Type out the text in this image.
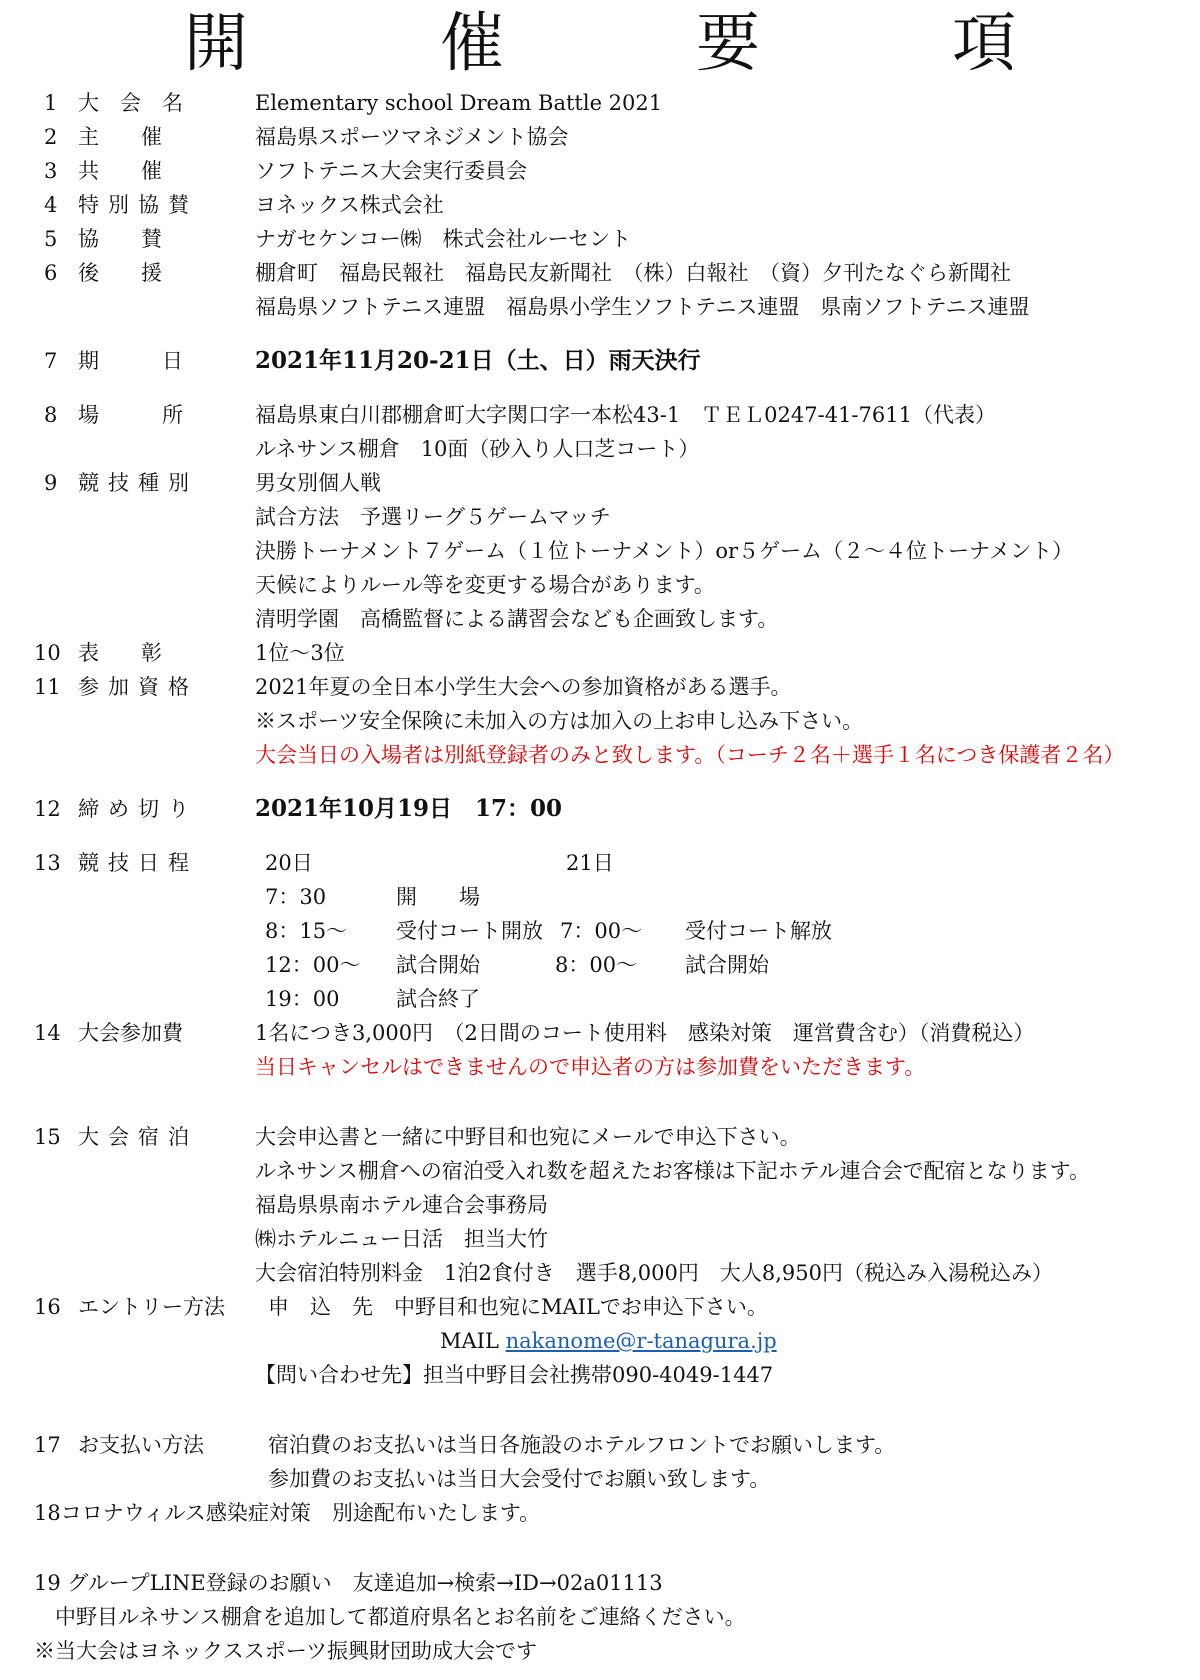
開　催　要　項
1 大　会　名	Elementary school Dream Battle 2021
2 主　　催	福島県スポーツマネジメント協会
3 共　　催	ソフトテニス大会実行委員会
4 特別協賛	ヨネックス株式会社
5 協　　賛	ナガセケンコー㈱　株式会社ルーセント
6 後　　援	棚倉町　福島民報社　福島民友新聞社　（株）白報社　（資）夕刊たなぐら新聞社
福島県ソフトテニス連盟　福島県小学生ソフトテニス連盟　県南ソフトテニス連盟
7 期　　　日	2021年11月20-21日（土、日）雨天決行
8 場　　　所	福島県東白川郡棚倉町大字関口字一本松43-1　ＴＥＬ0247-41-7611（代表）
ルネサンス棚倉　10面（砂入り人口芝コート）
9 競技種別	男女別個人戦
試合方法　予選リーグ５ゲームマッチ
決勝トーナメント７ゲーム（１位トーナメント）or５ゲーム（２～４位トーナメント）
天候によりルール等を変更する場合があります。
清明学園　高橋監督による講習会なども企画致します。
10 表　　彰	1位～3位
11 参加資格	2021年夏の全日本小学生大会への参加資格がある選手。
※スポーツ安全保険に未加入の方は加入の上お申し込み下さい。
大会当日の入場者は別紙登録者のみと致します。（コーチ２名＋選手１名につき保護者２名）
12 締め切り 2021年10月19日　17：00
13 競技日程	20日	21日
7：30	開　　場
8：15～ 受付コート開放 7：00～ 受付コート解放
12：00～ 試合開始	8：00～ 試合開始
19：00	試合終了
14 大会参加費	1名につき3,000円　（2日間のコート使用料　感染対策　運営費含む）（消費税込）
当日キャンセルはできませんので申込者の方は参加費をいただきます。
15 大会宿泊	大会申込書と一緒に中野目和也宛にメールで申込下さい。
ルネサンス棚倉への宿泊受入れ数を超えたお客様は下記ホテル連合会で配宿となります。
福島県県南ホテル連合会事務局
㈱ホテルニュー日活　担当大竹
大会宿泊特別料金　1泊2食付き　選手8,000円　大人8,950円（税込み入湯税込み）
16 エントリー方法 申　込　先　中野目和也宛にMAILでお申込下さい。
MAIL nakanome@r-tanagura.jp
【問い合わせ先】担当中野目会社携帯090-4049-1447
17 お支払い方法	宿泊費のお支払いは当日各施設のホテルフロントでお願いします。
参加費のお支払いは当日大会受付でお願い致します。
18コロナウィルス感染症対策　別途配布いたします。
19 グループLINE登録のお願い　友達追加→検索→ID→02a01113
　中野目ルネサンス棚倉を追加して都道府県名とお名前をご連絡ください。
※当大会はヨネックススポーツ振興財団助成大会です
